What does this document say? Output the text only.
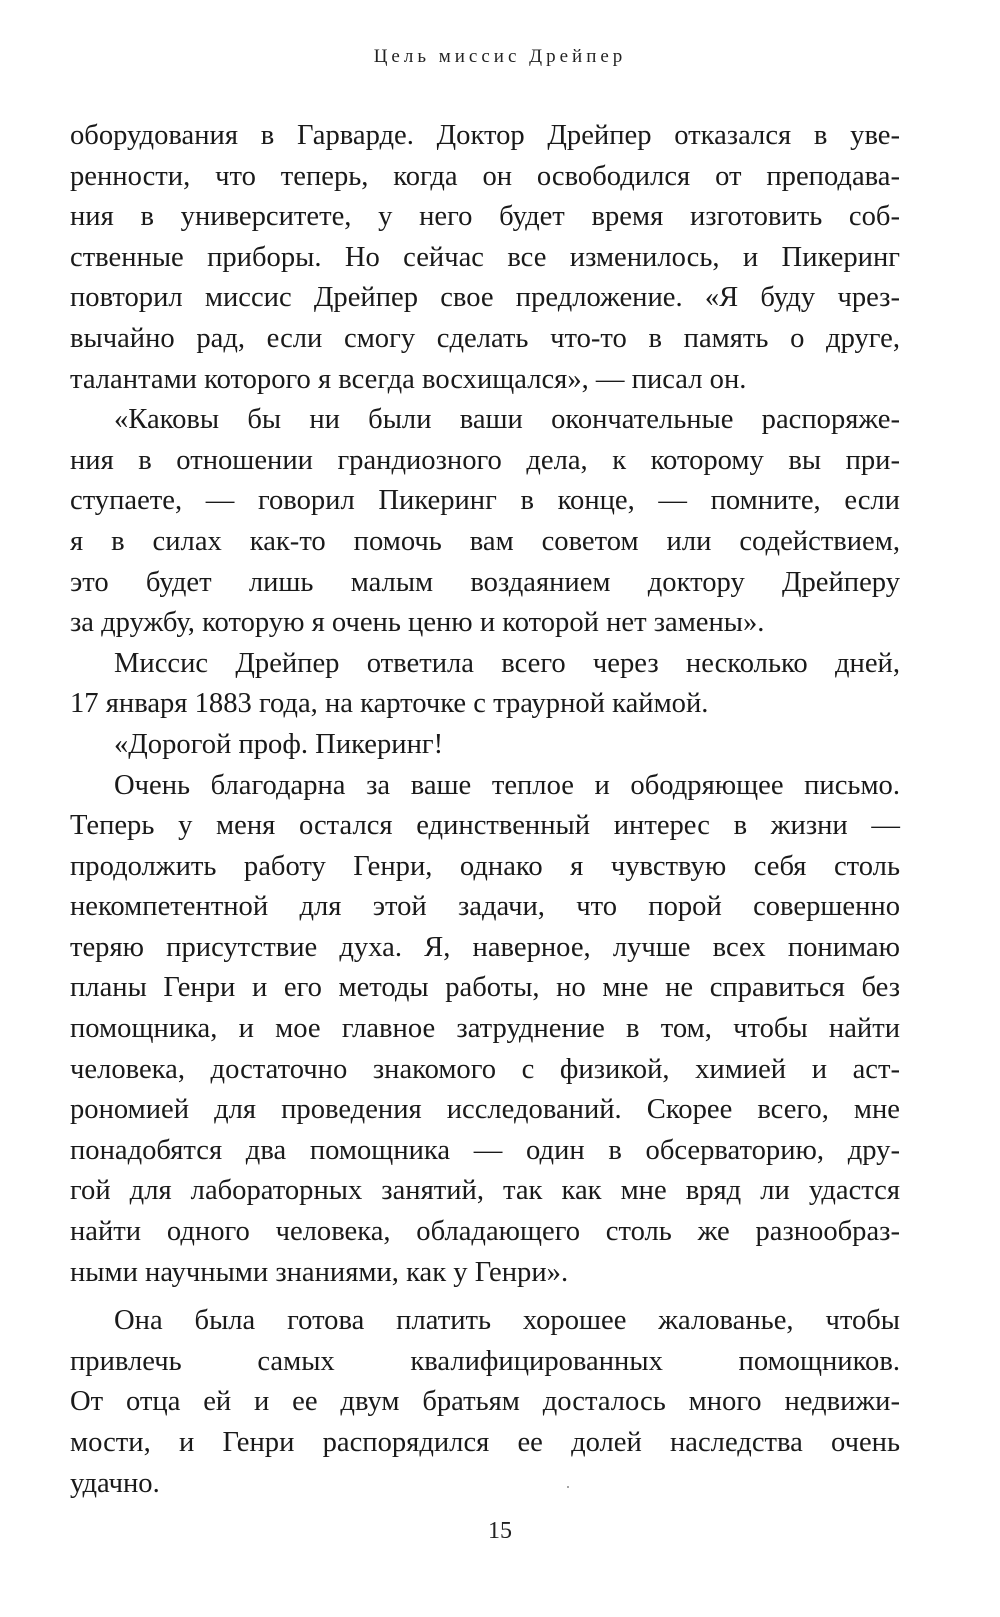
Цель миссис Дрейпер
оборудования в Гарварде. Доктор Дрейпер отказался в уве-
ренности, что теперь, когда он освободился от преподава-
ния в университете, у него будет время изготовить соб-
ственные приборы. Но сейчас все изменилось, и Пикеринг
повторил миссис Дрейпер свое предложение. «Я буду чрез-
вычайно рад, если смогу сделать что-то в память о друге,
талантами которого я всегда восхищался», — писал он.
«Каковы бы ни были ваши окончательные распоряже-
ния в отношении грандиозного дела, к которому вы при-
ступаете, — говорил Пикеринг в конце, — помните, если
я в силах как-то помочь вам советом или содействием,
это будет лишь малым воздаянием доктору Дрейперу
за дружбу, которую я очень ценю и которой нет замены».
Миссис Дрейпер ответила всего через несколько дней,
17 января 1883 года, на карточке с траурной каймой.
«Дорогой проф. Пикеринг!
Очень благодарна за ваше теплое и ободряющее письмо.
Теперь у меня остался единственный интерес в жизни —
продолжить работу Генри, однако я чувствую себя столь
некомпетентной для этой задачи, что порой совершенно
теряю присутствие духа. Я, наверное, лучше всех понимаю
планы Генри и его методы работы, но мне не справиться без
помощника, и мое главное затруднение в том, чтобы найти
человека, достаточно знакомого с физикой, химией и аст-
рономией для проведения исследований. Скорее всего, мне
понадобятся два помощника — один в обсерваторию, дру-
гой для лабораторных занятий, так как мне вряд ли удастся
найти одного человека, обладающего столь же разнообраз-
ными научными знаниями, как у Генри».
Она была готова платить хорошее жалованье, чтобы
привлечь самых квалифицированных помощников.
От отца ей и ее двум братьям досталось много недвижи-
мости, и Генри распорядился ее долей наследства очень
удачно.
15
